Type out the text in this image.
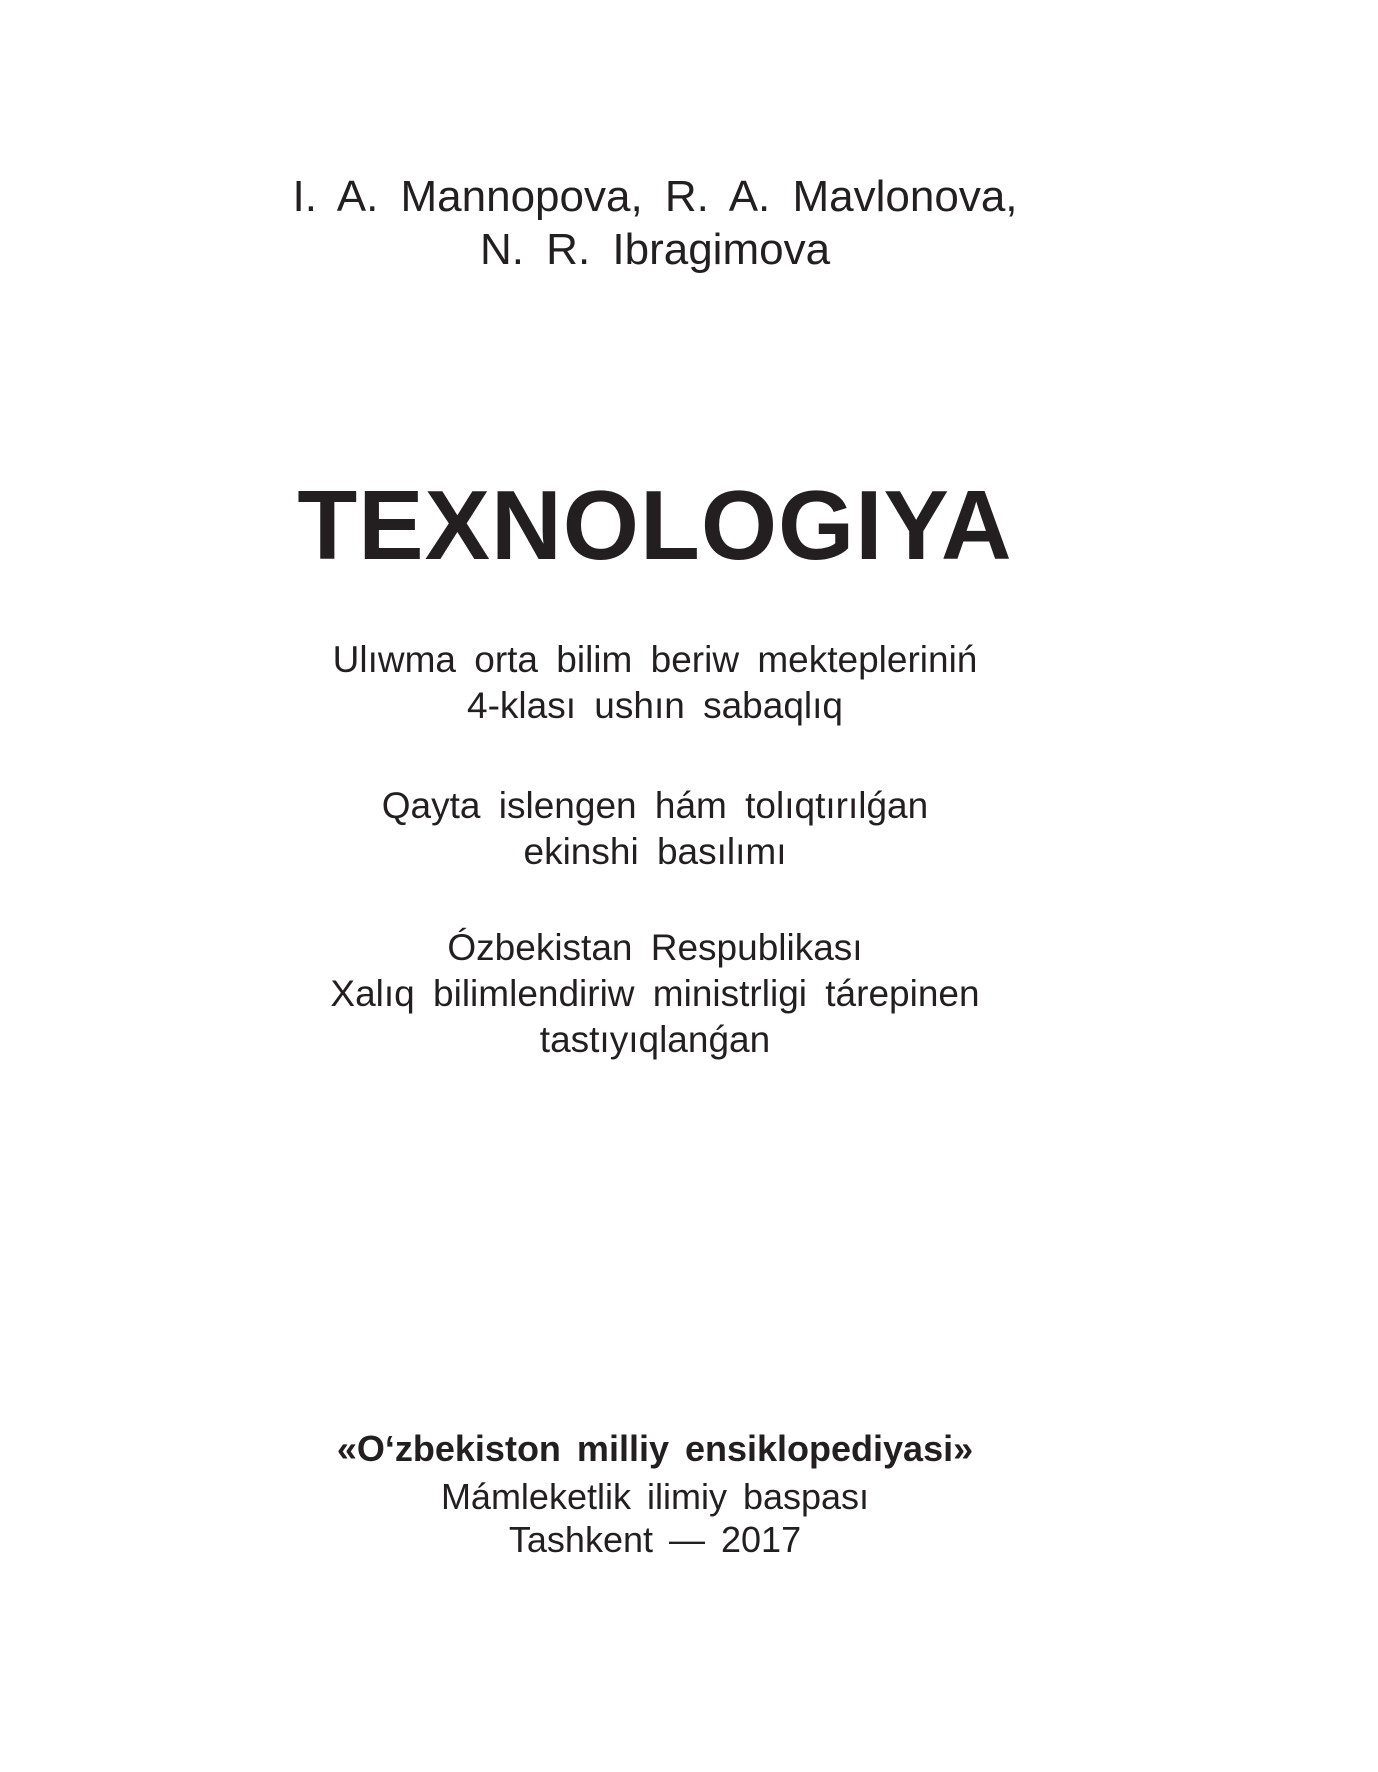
I. A. Mannopova, R. A. Mavlonova,
N. R. Ibragimova
TEXNOLOGIYA
Ulıwma orta bilim beriw mektepleriniń
4-klası ushın sabaqlıq
Qayta islengen hám tolıqtırılǵan
ekinshi basılımı
Ózbekistan Respublikası
Xalıq bilimlendiriw ministrligi tárepinen
tastıyıqlanǵan
«O‘zbekiston milliy ensiklopediyasi»
Mámleketlik ilimiy baspası
Tashkent — 2017
